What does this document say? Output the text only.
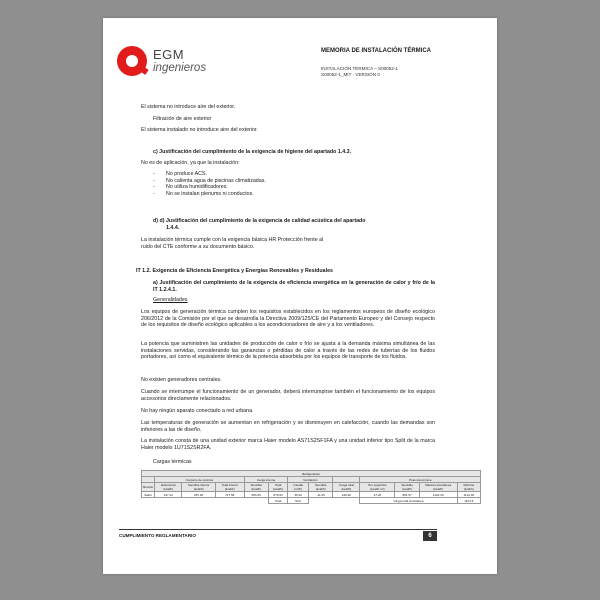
EGM
ingenieros
MEMORIA DE INSTALACIÓN TÉRMICA
INSTALACIÓN TÉRMICA – S00052-1
S00052-1_MIT · VERSIÓN 0
El sistema no introduce aire del exterior.
Filtración de aire exterior
El sistema instalado no introduce aire del exterior.
c) Justificación del cumplimiento de la exigencia de higiene del apartado 1.4.3.
No es de aplicación, ya que la instalación:
- No produce ACS.
- No calienta agua de piscinas climatizadas.
- No utiliza humidificadores.
- No se instalan plenums ni conductos.
d) d) Justificación del cumplimiento de la exigencia de calidad acústica del apartado
1.4.4.
La instalación térmica cumple con la exigencia básica HR Protección frente al ruido del CTE conforme a su documento básico.
IT 1.2. Exigencia de Eficiencia Energética y Energías Renovables y Residuales
a) Justificación del cumplimiento de la exigencia de eficiencia energética en la generación de calor y frío de la IT 1.2.4.1.
Generalidades
Los equipos de generación térmica cumplen los requisitos establecidos en los reglamentos europeos de diseño ecológico 206/2012 de la Comisión por el que se desarrolla la Directiva 2009/125/CE del Parlamento Europeo y del Consejo respecto de los requisitos de diseño ecológico aplicables a los acondicionadores de aire y a los ventiladores.
La potencia que suministren las unidades de producción de calor o frío se ajusta a la demanda máxima simultánea de las instalaciones servidas, considerando las ganancias o pérdidas de calor a través de las redes de tuberías de los fluidos portadores, así como el equivalente térmico de la potencia absorbida por los equipos de transporte de los fluidos.
No existen generadores centrales.
Cuando se interrumpe el funcionamiento de un generador, deberá interrumpirse también el funcionamiento de los equipos accesorios directamente relacionados.
No hay ningún aparato conectado a red urbana.
Las temperaturas de generación se aumentan en refrigeración y se disminuyen en calefacción, cuando las demandas son inferiores a las de diseño.
La instalación consta de una unidad exterior marca Haier modelo AS71S2SF1FA y una unidad inferior tipo Split de la marca Haier modelo 1U71S2SR2FA.
Cargas térmicas
Refrigeración												
	Conjunto de recintos			Carga interna		Ventilación			Potencia térmica			
Recinto	Estructural (kcal/h)	Sensible interior (kcal/h)	Total interior (kcal/h)	Sensible (kcal/h)	Total (kcal/h)	Caudal (m³/h)	Sensible (kcal/h)	Carga total (kcal/h)	Por superficie (kcal/h·m²)	Sensible (kcal/h)	Máxima simultánea (kcal/h)	Máxima (kcal/h)
Salón	167.23	387.06	747.58	580.66	870.03	46.00	-11.06	246.90	47.26	881.57	1124.30	1124.30
					Total	54.0			Carga total simultánea			1124.3
CUMPLIMIENTO REGLAMENTARIO	6
